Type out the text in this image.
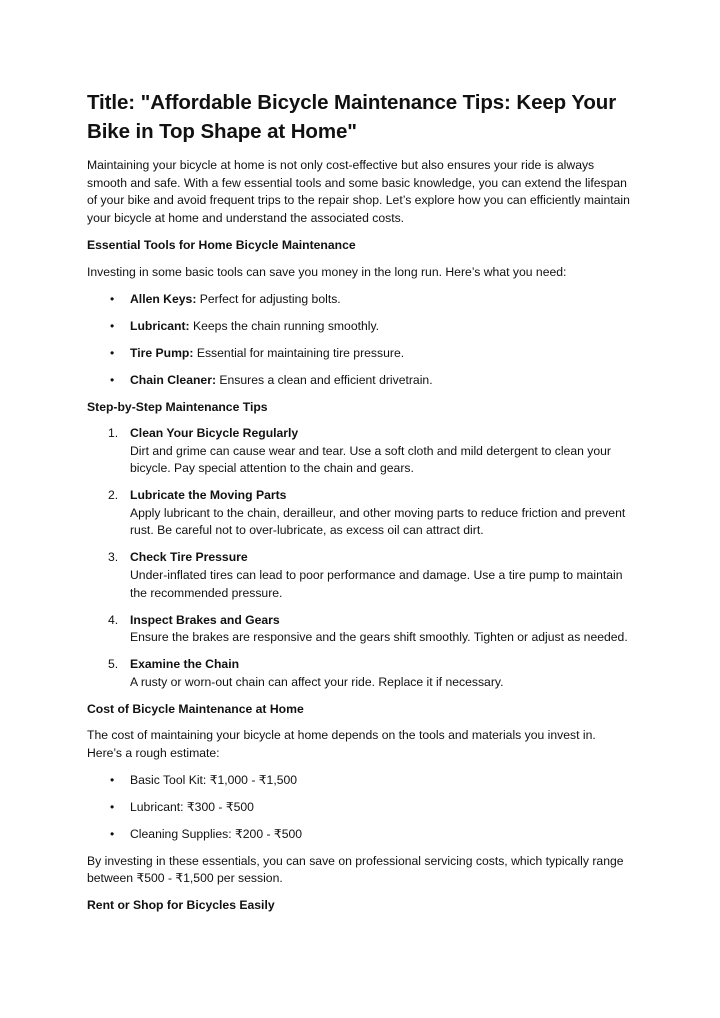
Title: "Affordable Bicycle Maintenance Tips: Keep Your Bike in Top Shape at Home"

Maintaining your bicycle at home is not only cost-effective but also ensures your ride is always smooth and safe. With a few essential tools and some basic knowledge, you can extend the lifespan of your bike and avoid frequent trips to the repair shop. Let’s explore how you can efficiently maintain your bicycle at home and understand the associated costs.

Essential Tools for Home Bicycle Maintenance

Investing in some basic tools can save you money in the long run. Here’s what you need:

• Allen Keys: Perfect for adjusting bolts.
• Lubricant: Keeps the chain running smoothly.
• Tire Pump: Essential for maintaining tire pressure.
• Chain Cleaner: Ensures a clean and efficient drivetrain.

Step-by-Step Maintenance Tips

1. Clean Your Bicycle Regularly
Dirt and grime can cause wear and tear. Use a soft cloth and mild detergent to clean your bicycle. Pay special attention to the chain and gears.
2. Lubricate the Moving Parts
Apply lubricant to the chain, derailleur, and other moving parts to reduce friction and prevent rust. Be careful not to over-lubricate, as excess oil can attract dirt.
3. Check Tire Pressure
Under-inflated tires can lead to poor performance and damage. Use a tire pump to maintain the recommended pressure.
4. Inspect Brakes and Gears
Ensure the brakes are responsive and the gears shift smoothly. Tighten or adjust as needed.
5. Examine the Chain
A rusty or worn-out chain can affect your ride. Replace it if necessary.

Cost of Bicycle Maintenance at Home

The cost of maintaining your bicycle at home depends on the tools and materials you invest in. Here’s a rough estimate:

• Basic Tool Kit: ₹1,000 - ₹1,500
• Lubricant: ₹300 - ₹500
• Cleaning Supplies: ₹200 - ₹500

By investing in these essentials, you can save on professional servicing costs, which typically range between ₹500 - ₹1,500 per session.

Rent or Shop for Bicycles Easily
